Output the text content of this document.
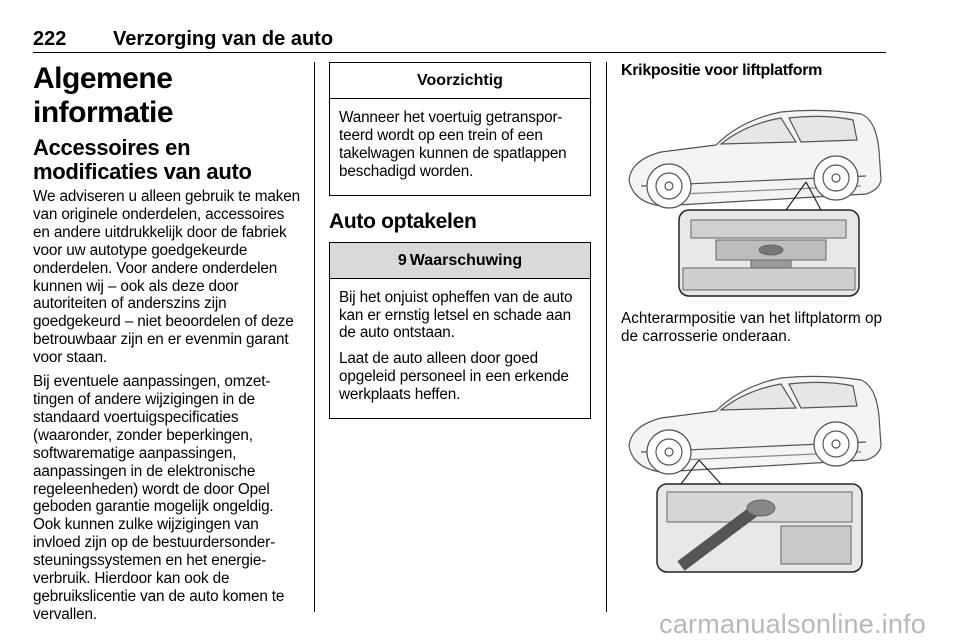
222 Verzorging van de auto
Algemene informatie
Accessoires en modificaties van auto

We adviseren u alleen gebruik te maken van originele onderdelen, accessoires en andere uitdrukkelijk door de fabriek voor uw autotype goedgekeurde onderdelen. Voor andere onderdelen kunnen wij – ook als deze door autoriteiten of anderszins zijn goedgekeurd – niet beoordelen of deze betrouwbaar zijn en er evenmin garant voor staan.

Bij eventuele aanpassingen, omzettingen of andere wijzigingen in de standaard voertuigspecificaties (waaronder, zonder beperkingen, softwarematige aanpassingen, aanpassingen in de elektronische regeleenheden) wordt de door Opel geboden garantie mogelijk ongeldig. Ook kunnen zulke wijzigingen van invloed zijn op de bestuurdersondersteuningssystemen en het energieverbruik. Hierdoor kan ook de gebruikslicentie van de auto komen te vervallen.

Voorzichtig

Wanneer het voertuig getransporteerd wordt op een trein of een takelwagen kunnen de spatlappen beschadigd worden.

Auto optakelen
9 Waarschuwing

Bij het onjuist opheffen van de auto kan er ernstig letsel en schade aan de auto ontstaan.

Laat de auto alleen door goed opgeleid personeel in een erkende werkplaats heffen.

Krikpositie voor liftplatform
Achterarmpositie van het liftplatorm op de carrosserie onderaan.
carmanualsonline.info
